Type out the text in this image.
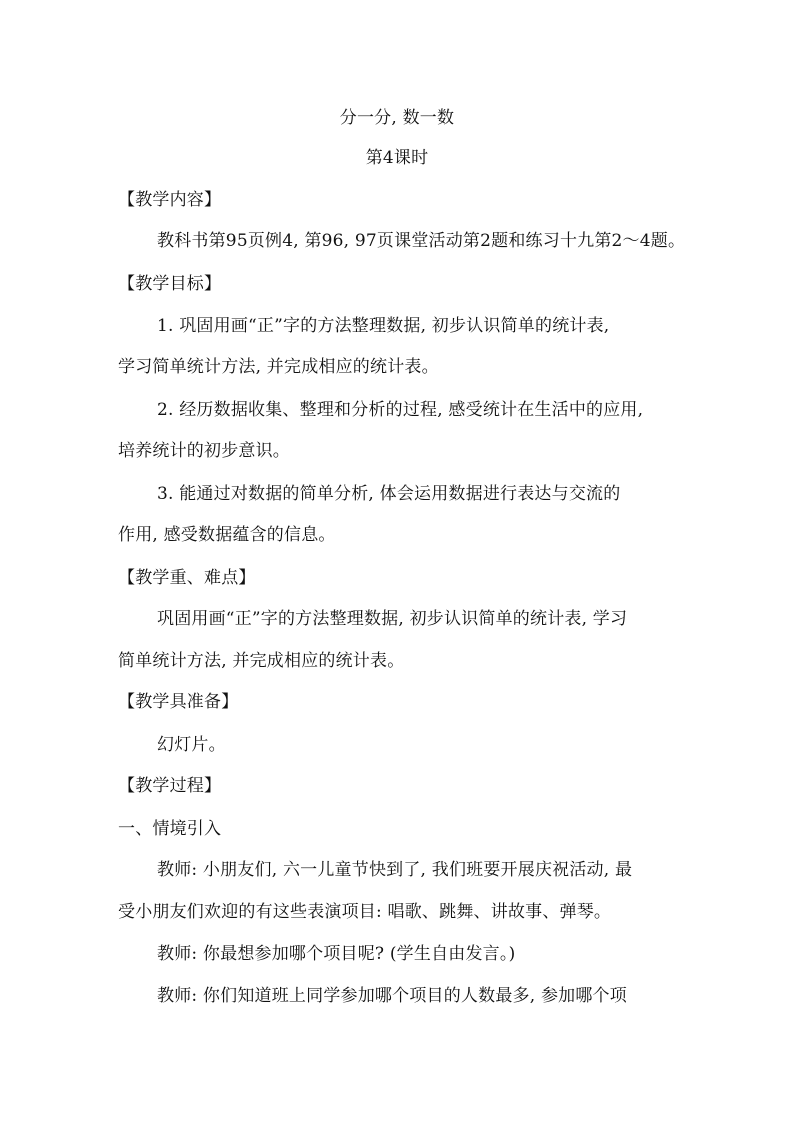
分一分, 数一数
第4课时
【教学内容】
教科书第95页例4, 第96, 97页课堂活动第2题和练习十九第2～4题。
【教学目标】
1. 巩固用画“正”字的方法整理数据, 初步认识简单的统计表,
学习简单统计方法, 并完成相应的统计表。
2. 经历数据收集、整理和分析的过程, 感受统计在生活中的应用,
培养统计的初步意识。
3. 能通过对数据的简单分析, 体会运用数据进行表达与交流的
作用, 感受数据蕴含的信息。
【教学重、难点】
巩固用画“正”字的方法整理数据, 初步认识简单的统计表, 学习
简单统计方法, 并完成相应的统计表。
【教学具准备】
幻灯片。
【教学过程】
一、情境引入
教师: 小朋友们, 六一儿童节快到了, 我们班要开展庆祝活动, 最
受小朋友们欢迎的有这些表演项目: 唱歌、跳舞、讲故事、弹琴。
教师: 你最想参加哪个项目呢? (学生自由发言。)
教师: 你们知道班上同学参加哪个项目的人数最多, 参加哪个项
